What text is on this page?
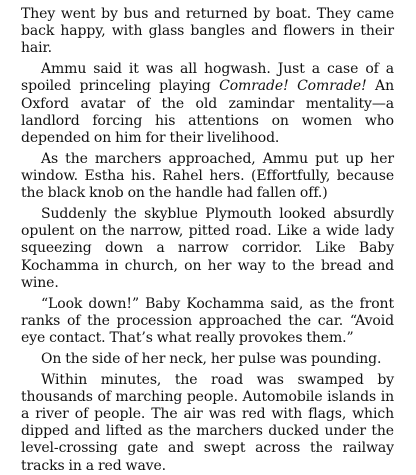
They went by bus and returned by boat. They came back happy, with glass bangles and flowers in their hair.

Ammu said it was all hogwash. Just a case of a spoiled princeling playing Comrade! Comrade! An Oxford avatar of the old zamindar mentality—a landlord forcing his attentions on women who depended on him for their livelihood.

As the marchers approached, Ammu put up her window. Estha his. Rahel hers. (Effortfully, because the black knob on the handle had fallen off.)

Suddenly the skyblue Plymouth looked absurdly opulent on the narrow, pitted road. Like a wide lady squeezing down a narrow corridor. Like Baby Kochamma in church, on her way to the bread and wine.

“Look down!” Baby Kochamma said, as the front ranks of the procession approached the car. “Avoid eye contact. That’s what really provokes them.”

On the side of her neck, her pulse was pounding.

Within minutes, the road was swamped by thousands of marching people. Automobile islands in a river of people. The air was red with flags, which dipped and lifted as the marchers ducked under the level-crossing gate and swept across the railway tracks in a red wave.
